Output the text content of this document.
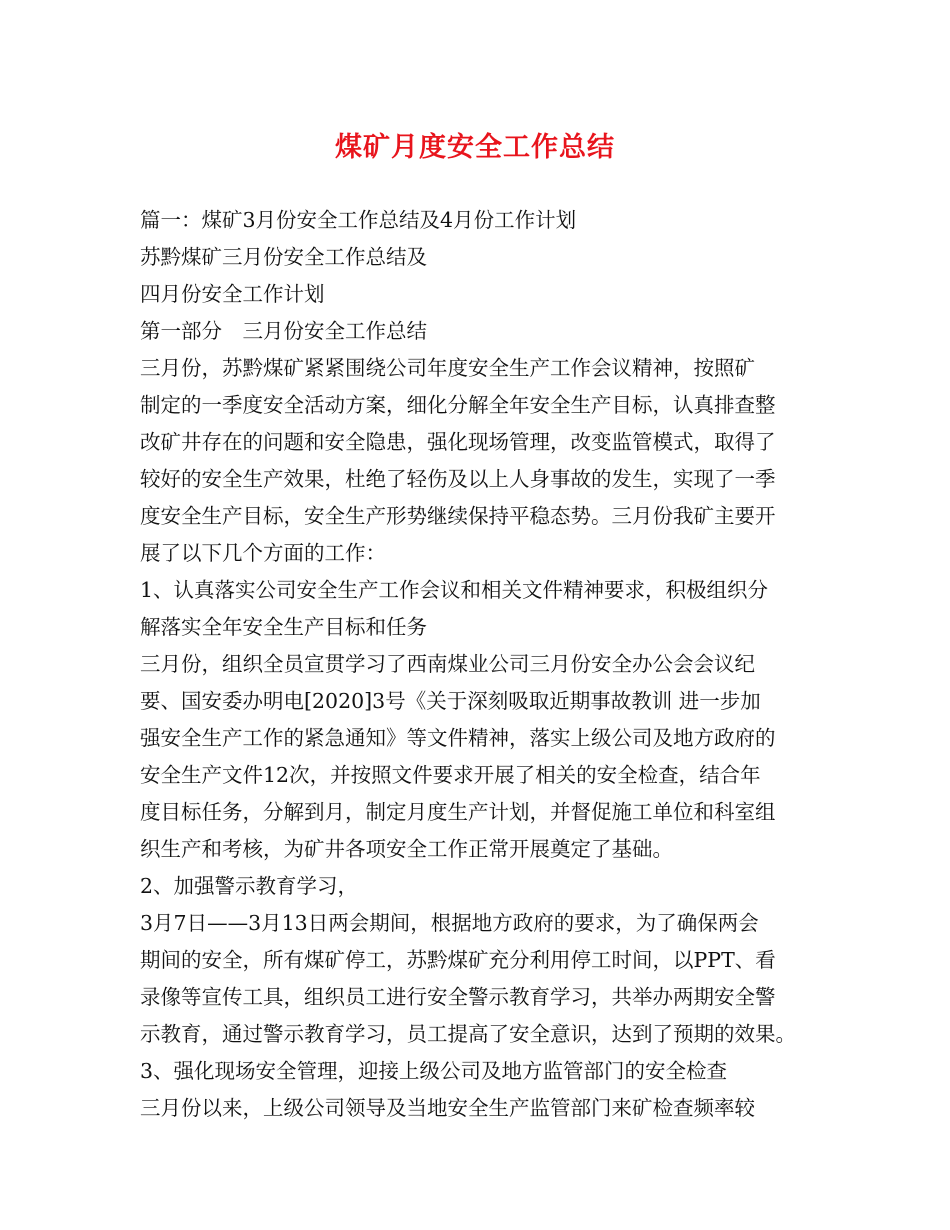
煤矿月度安全工作总结
篇一：煤矿3月份安全工作总结及4月份工作计划
苏黔煤矿三月份安全工作总结及
四月份安全工作计划
第一部分　三月份安全工作总结
三月份，苏黔煤矿紧紧围绕公司年度安全生产工作会议精神，按照矿
制定的一季度安全活动方案，细化分解全年安全生产目标，认真排查整
改矿井存在的问题和安全隐患，强化现场管理，改变监管模式，取得了
较好的安全生产效果，杜绝了轻伤及以上人身事故的发生，实现了一季
度安全生产目标，安全生产形势继续保持平稳态势。三月份我矿主要开
展了以下几个方面的工作：
1、认真落实公司安全生产工作会议和相关文件精神要求，积极组织分
解落实全年安全生产目标和任务
三月份，组织全员宣贯学习了西南煤业公司三月份安全办公会会议纪
要、国安委办明电[2020]3号《关于深刻吸取近期事故教训 进一步加
强安全生产工作的紧急通知》等文件精神，落实上级公司及地方政府的
安全生产文件12次，并按照文件要求开展了相关的安全检查，结合年
度目标任务，分解到月，制定月度生产计划，并督促施工单位和科室组
织生产和考核，为矿井各项安全工作正常开展奠定了基础。
2、加强警示教育学习，
3月7日——3月13日两会期间，根据地方政府的要求，为了确保两会
期间的安全，所有煤矿停工，苏黔煤矿充分利用停工时间，以PPT、看
录像等宣传工具，组织员工进行安全警示教育学习，共举办两期安全警
示教育，通过警示教育学习，员工提高了安全意识，达到了预期的效果。
3、强化现场安全管理，迎接上级公司及地方监管部门的安全检查
三月份以来，上级公司领导及当地安全生产监管部门来矿检查频率较
